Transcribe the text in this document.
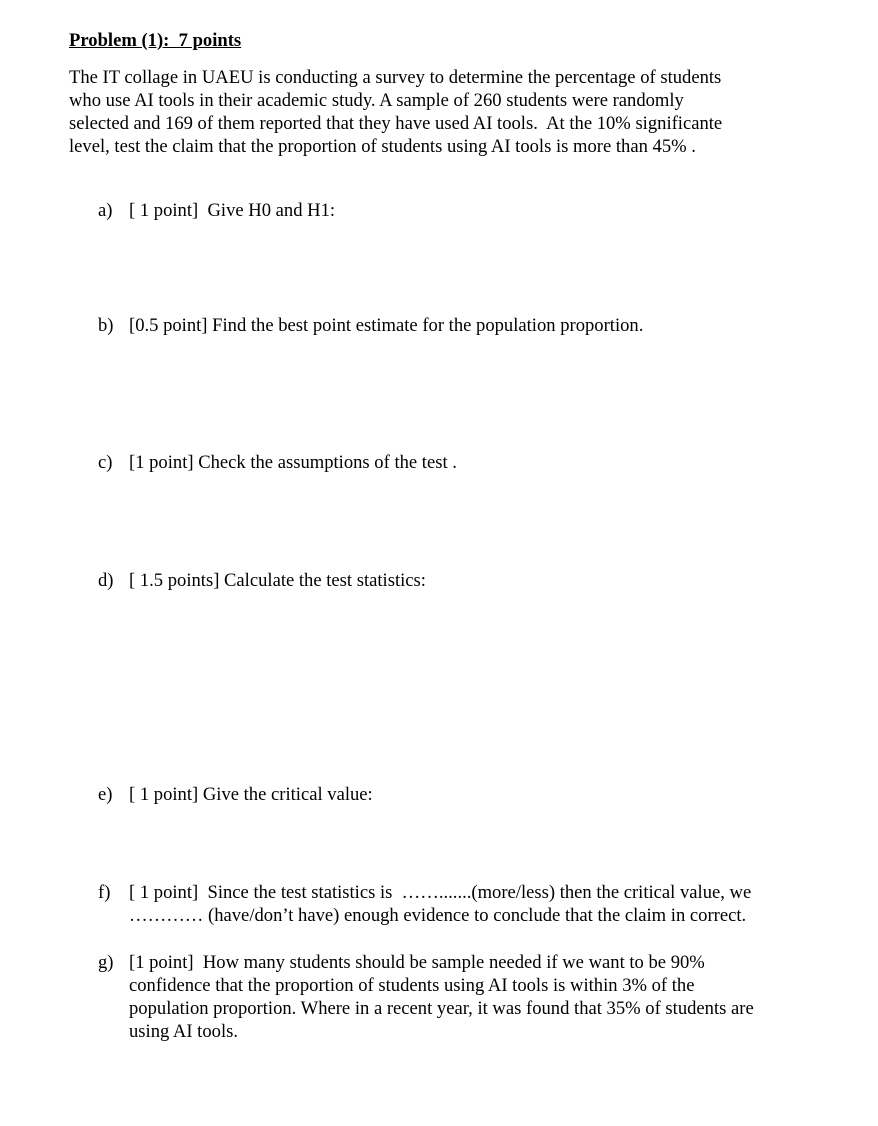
Problem (1):  7 points
The IT collage in UAEU is conducting a survey to determine the percentage of students
who use AI tools in their academic study. A sample of 260 students were randomly
selected and 169 of them reported that they have used AI tools.  At the 10% significante
level, test the claim that the proportion of students using AI tools is more than 45% .
a) [ 1 point]  Give H0 and H1:
b) [0.5 point] Find the best point estimate for the population proportion.
c) [1 point] Check the assumptions of the test .
d) [ 1.5 points] Calculate the test statistics:
e) [ 1 point] Give the critical value:
f) [ 1 point]  Since the test statistics is  …….......(more/less) then the critical value, we
………… (have/don’t have) enough evidence to conclude that the claim in correct.
g) [1 point]  How many students should be sample needed if we want to be 90%
confidence that the proportion of students using AI tools is within 3% of the
population proportion. Where in a recent year, it was found that 35% of students are
using AI tools.
